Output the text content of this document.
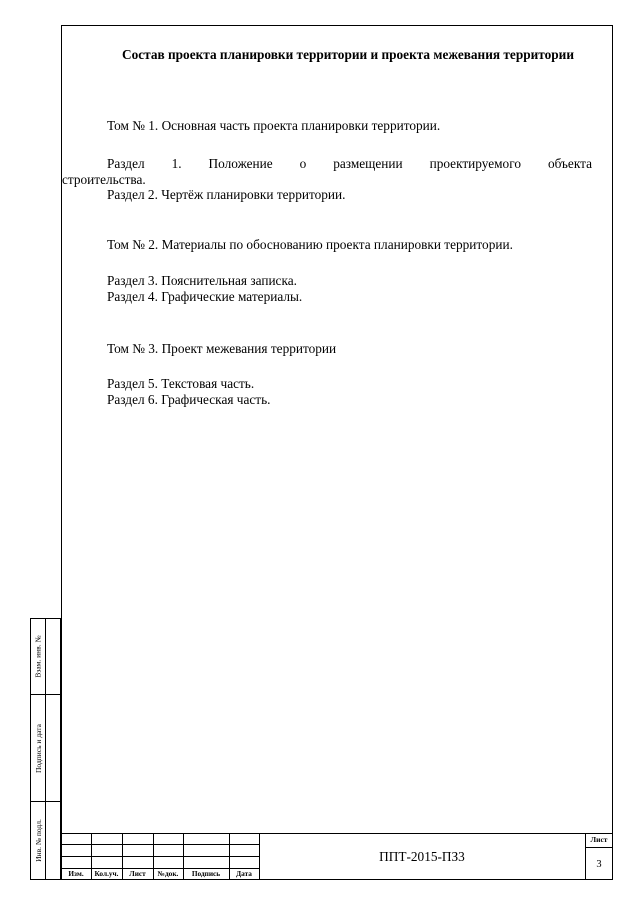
Состав проекта планировки территории и проекта межевания территории
Том № 1. Основная часть проекта планировки территории.
Раздел 1. Положение о размещении проектируемого объекта
строительства.
Раздел 2. Чертёж планировки территории.
Том № 2. Материалы по обоснованию проекта планировки территории.
Раздел 3. Пояснительная записка.
Раздел 4. Графические материалы.
Том № 3. Проект межевания территории
Раздел 5. Текстовая часть.
Раздел 6. Графическая часть.
Взам. инв. №
Подпись и дата
Инв. № подл.
Изм.	Кол.уч.	Лист	№док.	Подпись	Дата
ППТ-2015-ПЗ3
Лист
3
